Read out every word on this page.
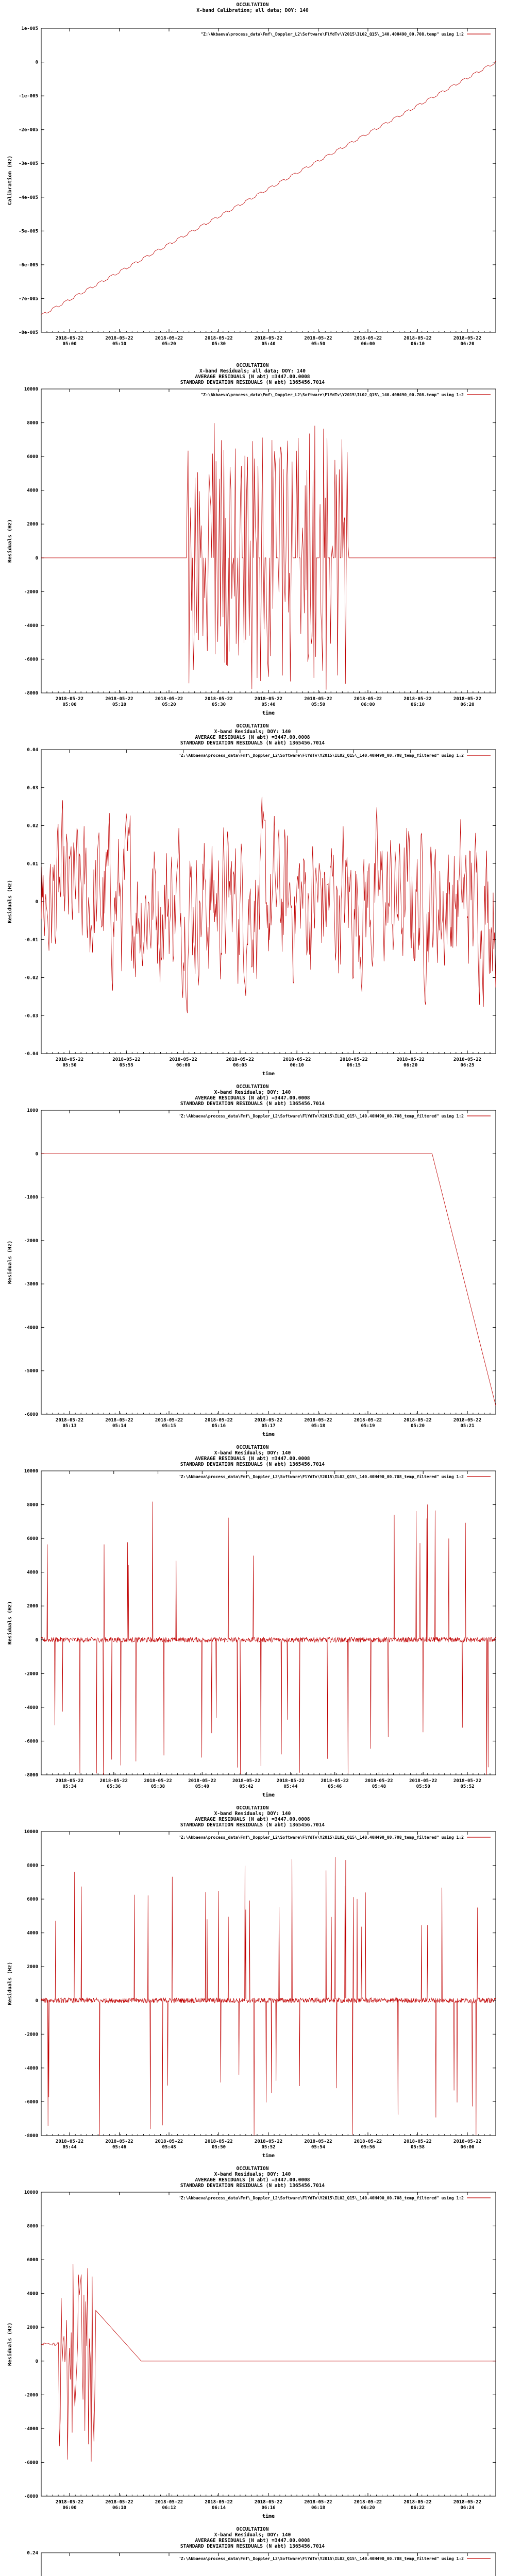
OCCULTATION
X-band Calibration; all data; DOY: 140
1e-005
0
-1e-005
-2e-005
-3e-005
-4e-005
-5e-005
-6e-005
-7e-005
-8e-005
2018-05-22
05:00
2018-05-22
05:10
2018-05-22
05:20
2018-05-22
05:30
2018-05-22
05:40
2018-05-22
05:50
2018-05-22
06:00
2018-05-22
06:10
2018-05-22
06:20
Calibration (Hz)
"Z:\Akbaeva\process_data\Fmf\_Doppler_L2\Software\FlYdTv\Y2015\IL02_Q15\_140.40H490_00.708.temp" using 1:2
OCCULTATION
X-band Residuals; all data; DOY: 140
AVERAGE RESIDUALS (N abt) =3447.00.0008
STANDARD DEVIATION RESIDUALS (N abt) 1365456.7014
10000
8000
6000
4000
2000
0
-2000
-4000
-6000
-8000
2018-05-22
05:00
2018-05-22
05:10
2018-05-22
05:20
2018-05-22
05:30
2018-05-22
05:40
2018-05-22
05:50
2018-05-22
06:00
2018-05-22
06:10
2018-05-22
06:20
time
Residuals (Hz)
"Z:\Akbaeva\process_data\Fmf\_Doppler_L2\Software\FlYdTv\Y2015\IL02_Q15\_140.40H490_00.708.temp" using 1:2
OCCULTATION
X-band Residuals; DOY: 140
AVERAGE RESIDUALS (N abt) =3447.00.0008
STANDARD DEVIATION RESIDUALS (N abt) 1365456.7014
0.04
0.03
0.02
0.01
0
-0.01
-0.02
-0.03
-0.04
2018-05-22
05:50
2018-05-22
05:55
2018-05-22
06:00
2018-05-22
06:05
2018-05-22
06:10
2018-05-22
06:15
2018-05-22
06:20
2018-05-22
06:25
time
Residuals (Hz)
"Z:\Akbaeva\process_data\Fmf\_Doppler_L2\Software\FlYdTv\Y2015\IL02_Q15\_140.40H490_00.708_temp_filtered" using 1:2
OCCULTATION
X-band Residuals; DOY: 140
AVERAGE RESIDUALS (N abt) =3447.00.0008
STANDARD DEVIATION RESIDUALS (N abt) 1365456.7014
1000
0
-1000
-2000
-3000
-4000
-5000
-6000
2018-05-22
05:13
2018-05-22
05:14
2018-05-22
05:15
2018-05-22
05:16
2018-05-22
05:17
2018-05-22
05:18
2018-05-22
05:19
2018-05-22
05:20
2018-05-22
05:21
time
Residuals (Hz)
"Z:\Akbaeva\process_data\Fmf\_Doppler_L2\Software\FlYdTv\Y2015\IL02_Q15\_140.40H490_00.708_temp_filtered" using 1:2
OCCULTATION
X-band Residuals; DOY: 140
AVERAGE RESIDUALS (N abt) =3447.00.0008
STANDARD DEVIATION RESIDUALS (N abt) 1365456.7014
10000
8000
6000
4000
2000
0
-2000
-4000
-6000
-8000
2018-05-22
05:34
2018-05-22
05:36
2018-05-22
05:38
2018-05-22
05:40
2018-05-22
05:42
2018-05-22
05:44
2018-05-22
05:46
2018-05-22
05:48
2018-05-22
05:50
2018-05-22
05:52
time
Residuals (Hz)
"Z:\Akbaeva\process_data\Fmf\_Doppler_L2\Software\FlYdTv\Y2015\IL02_Q15\_140.40H490_00.708_temp_filtered" using 1:2
OCCULTATION
X-band Residuals; DOY: 140
AVERAGE RESIDUALS (N abt) =3447.00.0008
STANDARD DEVIATION RESIDUALS (N abt) 1365456.7014
10000
8000
6000
4000
2000
0
-2000
-4000
-6000
-8000
2018-05-22
05:44
2018-05-22
05:46
2018-05-22
05:48
2018-05-22
05:50
2018-05-22
05:52
2018-05-22
05:54
2018-05-22
05:56
2018-05-22
05:58
2018-05-22
06:00
time
Residuals (Hz)
"Z:\Akbaeva\process_data\Fmf\_Doppler_L2\Software\FlYdTv\Y2015\IL02_Q15\_140.40H490_00.708_temp_filtered" using 1:2
OCCULTATION
X-band Residuals; DOY: 140
AVERAGE RESIDUALS (N abt) =3447.00.0008
STANDARD DEVIATION RESIDUALS (N abt) 1365456.7014
10000
8000
6000
4000
2000
0
-2000
-4000
-6000
-8000
2018-05-22
06:00
2018-05-22
06:10
2018-05-22
06:12
2018-05-22
06:14
2018-05-22
06:16
2018-05-22
06:18
2018-05-22
06:20
2018-05-22
06:22
2018-05-22
06:24
time
Residuals (Hz)
"Z:\Akbaeva\process_data\Fmf\_Doppler_L2\Software\FlYdTv\Y2015\IL02_Q15\_140.40H490_00.708_temp_filtered" using 1:2
OCCULTATION
X-band Residuals; DOY: 140
AVERAGE RESIDUALS (N abt) =3447.00.0008
STANDARD DEVIATION RESIDUALS (N abt) 1365456.7014
0.24
"Z:\Akbaeva\process_data\Fmf\_Doppler_L2\Software\FlYdTv\Y2015\IL02_Q15\_140.40H490_00.708_temp_filtered" using 1:2
